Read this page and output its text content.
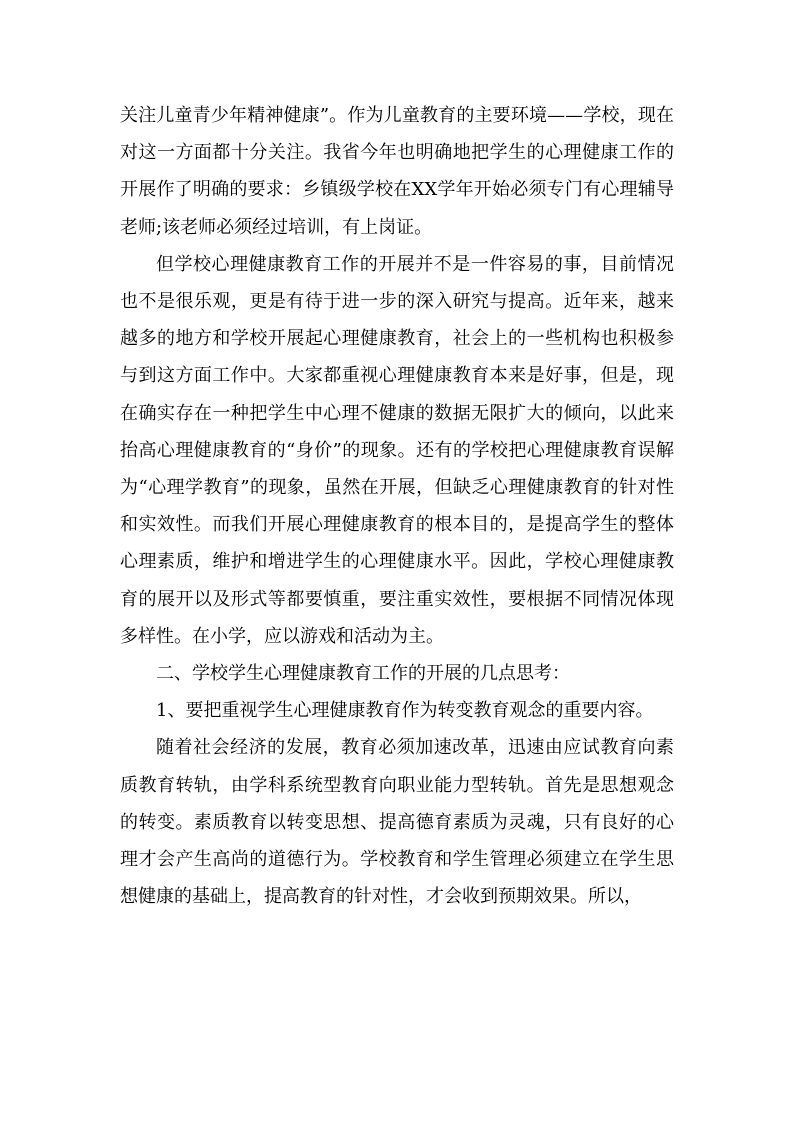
关注儿童青少年精神健康”。作为儿童教育的主要环境——学校，现在对这一方面都十分关注。我省今年也明确地把学生的心理健康工作的开展作了明确的要求：乡镇级学校在XX学年开始必须专门有心理辅导老师;该老师必须经过培训，有上岗证。

但学校心理健康教育工作的开展并不是一件容易的事，目前情况也不是很乐观，更是有待于进一步的深入研究与提高。近年来，越来越多的地方和学校开展起心理健康教育，社会上的一些机构也积极参与到这方面工作中。大家都重视心理健康教育本来是好事，但是，现在确实存在一种把学生中心理不健康的数据无限扩大的倾向，以此来抬高心理健康教育的“身价”的现象。还有的学校把心理健康教育误解为“心理学教育”的现象，虽然在开展，但缺乏心理健康教育的针对性和实效性。而我们开展心理健康教育的根本目的，是提高学生的整体心理素质，维护和增进学生的心理健康水平。因此，学校心理健康教育的展开以及形式等都要慎重，要注重实效性，要根据不同情况体现多样性。在小学，应以游戏和活动为主。

二、学校学生心理健康教育工作的开展的几点思考：

1、要把重视学生心理健康教育作为转变教育观念的重要内容。

随着社会经济的发展，教育必须加速改革，迅速由应试教育向素质教育转轨，由学科系统型教育向职业能力型转轨。首先是思想观念的转变。素质教育以转变思想、提高德育素质为灵魂，只有良好的心理才会产生高尚的道德行为。学校教育和学生管理必须建立在学生思想健康的基础上，提高教育的针对性，才会收到预期效果。所以，
